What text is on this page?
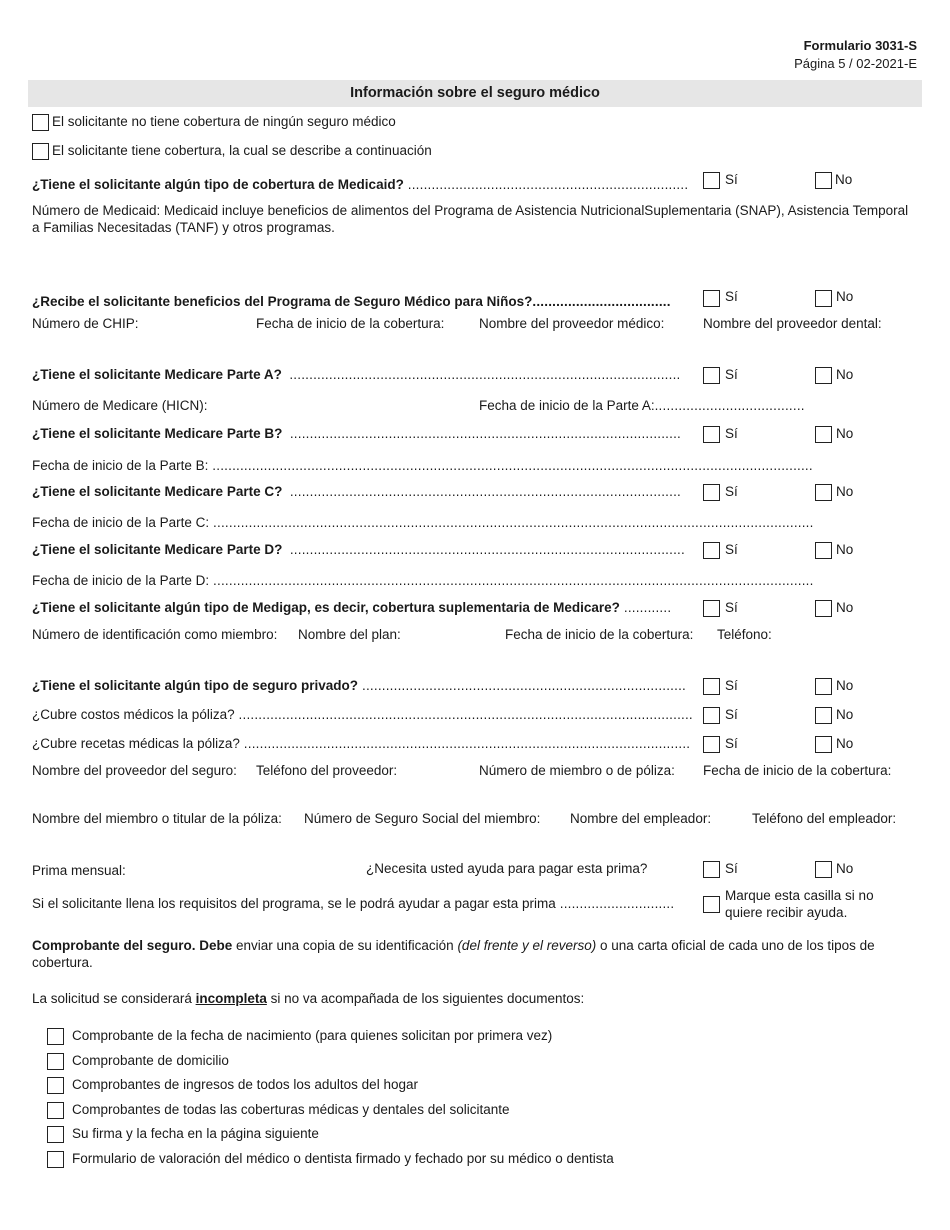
Formulario 3031-S
Página 5 / 02-2021-E
Información sobre el seguro médico
El solicitante no tiene cobertura de ningún seguro médico
El solicitante tiene cobertura, la cual se describe a continuación
¿Tiene el solicitante algún tipo de cobertura de Medicaid? .......................................................................	Sí	No
Número de Medicaid: Medicaid incluye beneficios de alimentos del Programa de Asistencia NutricionalSuplementaria (SNAP), Asistencia Temporal a Familias Necesitadas (TANF) y otros programas.
¿Recibe el solicitante beneficios del Programa de Seguro Médico para Niños?...................................	Sí	No
Número de CHIP:	Fecha de inicio de la cobertura:	Nombre del proveedor médico:	Nombre del proveedor dental:
¿Tiene el solicitante Medicare Parte A? ...................................................................................................	Sí	No
Número de Medicare (HICN):	Fecha de inicio de la Parte A:......................................
¿Tiene el solicitante Medicare Parte B? ...................................................................................................	Sí	No
Fecha de inicio de la Parte B: ........................................................................................................................................................
¿Tiene el solicitante Medicare Parte C? ...................................................................................................	Sí	No
Fecha de inicio de la Parte C: ........................................................................................................................................................
¿Tiene el solicitante Medicare Parte D? ....................................................................................................	Sí	No
Fecha de inicio de la Parte D: ........................................................................................................................................................
¿Tiene el solicitante algún tipo de Medigap, es decir, cobertura suplementaria de Medicare? ............	Sí	No
Número de identificación como miembro: Nombre del plan:	Fecha de inicio de la cobertura: Teléfono:
¿Tiene el solicitante algún tipo de seguro privado? ..................................................................................	Sí	No
¿Cubre costos médicos la póliza? ................................................................................................................... Sí	No
¿Cubre recetas médicas la póliza? .................................................................................................................	Sí	No
Nombre del proveedor del seguro: Teléfono del proveedor:	Número de miembro o de póliza: Fecha de inicio de la cobertura:
Nombre del miembro o titular de la póliza: Número de Seguro Social del miembro: Nombre del empleador:	Teléfono del empleador:
Prima mensual:	¿Necesita usted ayuda para pagar esta prima?	Sí	No
Si el solicitante llena los requisitos del programa, se le podrá ayudar a pagar esta prima .............................
Marque esta casilla si no
quiere recibir ayuda.
Comprobante del seguro. Debe enviar una copia de su identificación (del frente y el reverso) o una carta oficial de cada uno de los tipos de cobertura.
La solicitud se considerará incompleta si no va acompañada de los siguientes documentos:
Comprobante de la fecha de nacimiento (para quienes solicitan por primera vez)
Comprobante de domicilio
Comprobantes de ingresos de todos los adultos del hogar
Comprobantes de todas las coberturas médicas y dentales del solicitante
Su firma y la fecha en la página siguiente
Formulario de valoración del médico o dentista firmado y fechado por su médico o dentista
